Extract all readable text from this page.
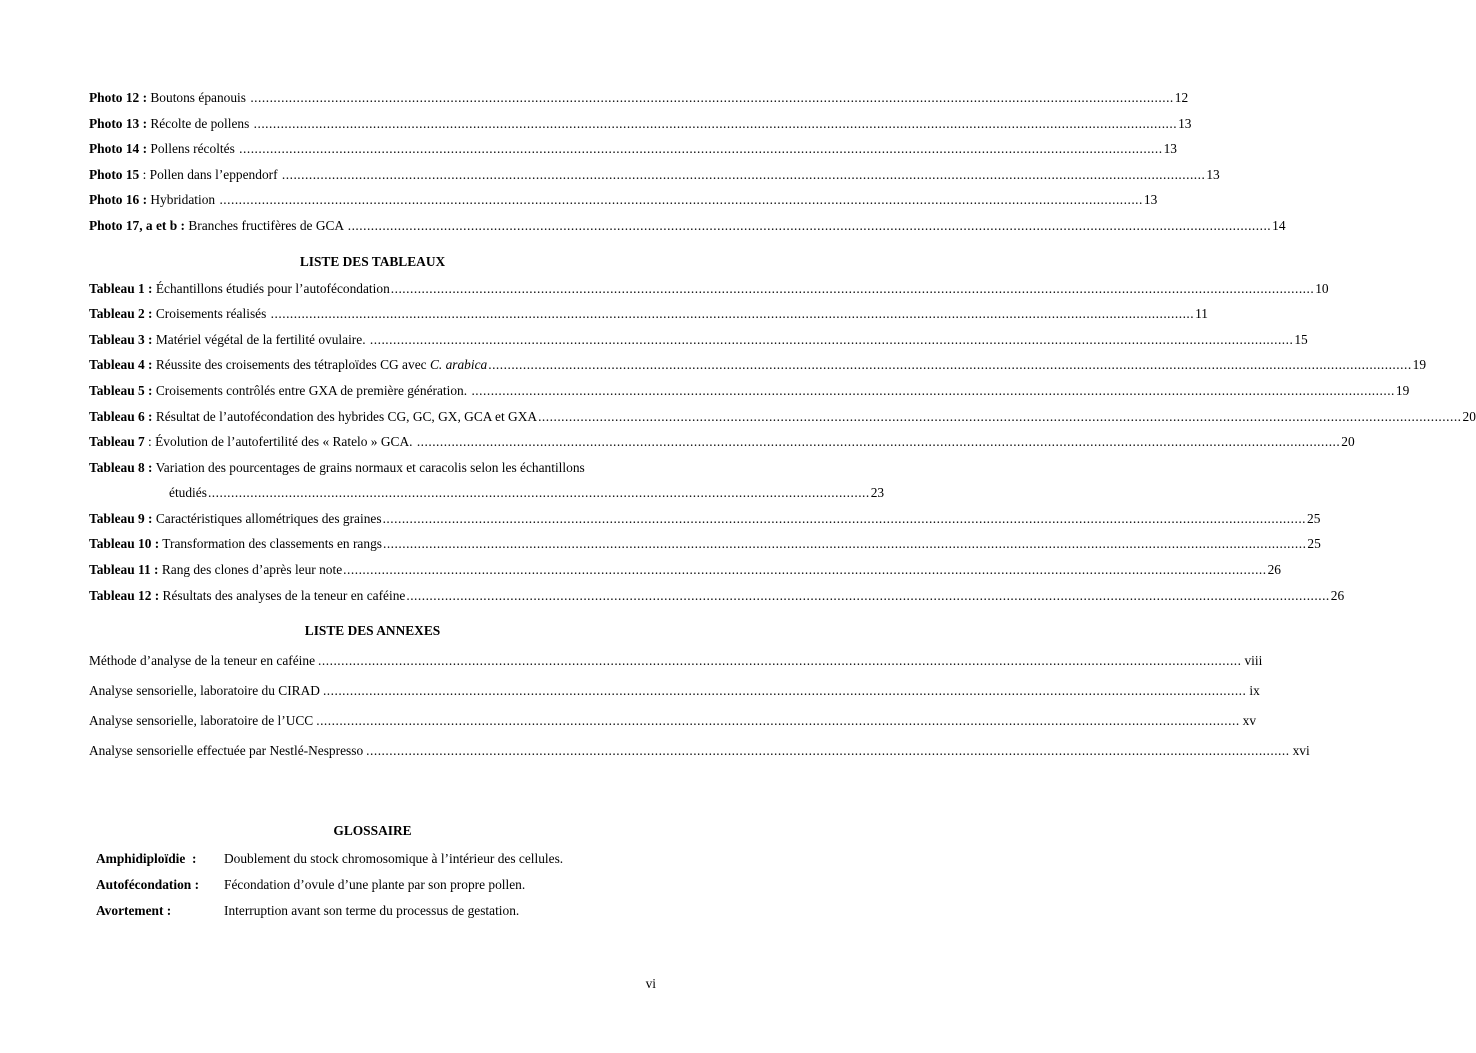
Photo 12 : Boutons épanouis .....	12
Photo 13 : Récolte de pollens .....	13
Photo 14 : Pollens récoltés .....	13
Photo 15 : Pollen dans l’eppendorf .....	13
Photo 16 : Hybridation .....	13
Photo 17, a et b : Branches fructifères de GCA .....	14
LISTE DES TABLEAUX
Tableau 1 : Échantillons étudiés pour l’autofécondation .....	10
Tableau 2 : Croisements réalisés .....	11
Tableau 3 : Matériel végétal de la fertilité ovulaire. .....	15
Tableau 4 : Réussite des croisements des tétraploïdes CG avec C. arabica .....	19
Tableau 5 : Croisements contrôlés entre GXA de première génération. .....	19
Tableau 6 : Résultat de l’autofécondation des hybrides CG, GC, GX, GCA et GXA .....	20
Tableau 7 : Évolution de l’autofertilité des « Ratelo » GCA. .....	20
Tableau 8 : Variation des pourcentages de grains normaux et caracolis selon les échantillons
étudiés ............................................................................................................................................................................ 23
Tableau 9 : Caractéristiques allométriques des graines .....	25
Tableau 10 : Transformation des classements en rangs .....	25
Tableau 11 : Rang des clones d’après leur note .....	26
Tableau 12 : Résultats des analyses de la teneur en caféine .....	26
LISTE DES ANNEXES
Méthode d’analyse de la teneur en caféine .....	viii
Analyse sensorielle, laboratoire du CIRAD .....	ix
Analyse sensorielle, laboratoire de l’UCC .....	xv
Analyse sensorielle effectuée par Nestlé-Nespresso .....	xvi
GLOSSAIRE
Amphidiploïdie  :	Doublement du stock chromosomique à l’intérieur des cellules.
Autofécondation :	Fécondation d’ovule d’une plante par son propre pollen.
Avortement :	Interruption avant son terme du processus de gestation.
vi
